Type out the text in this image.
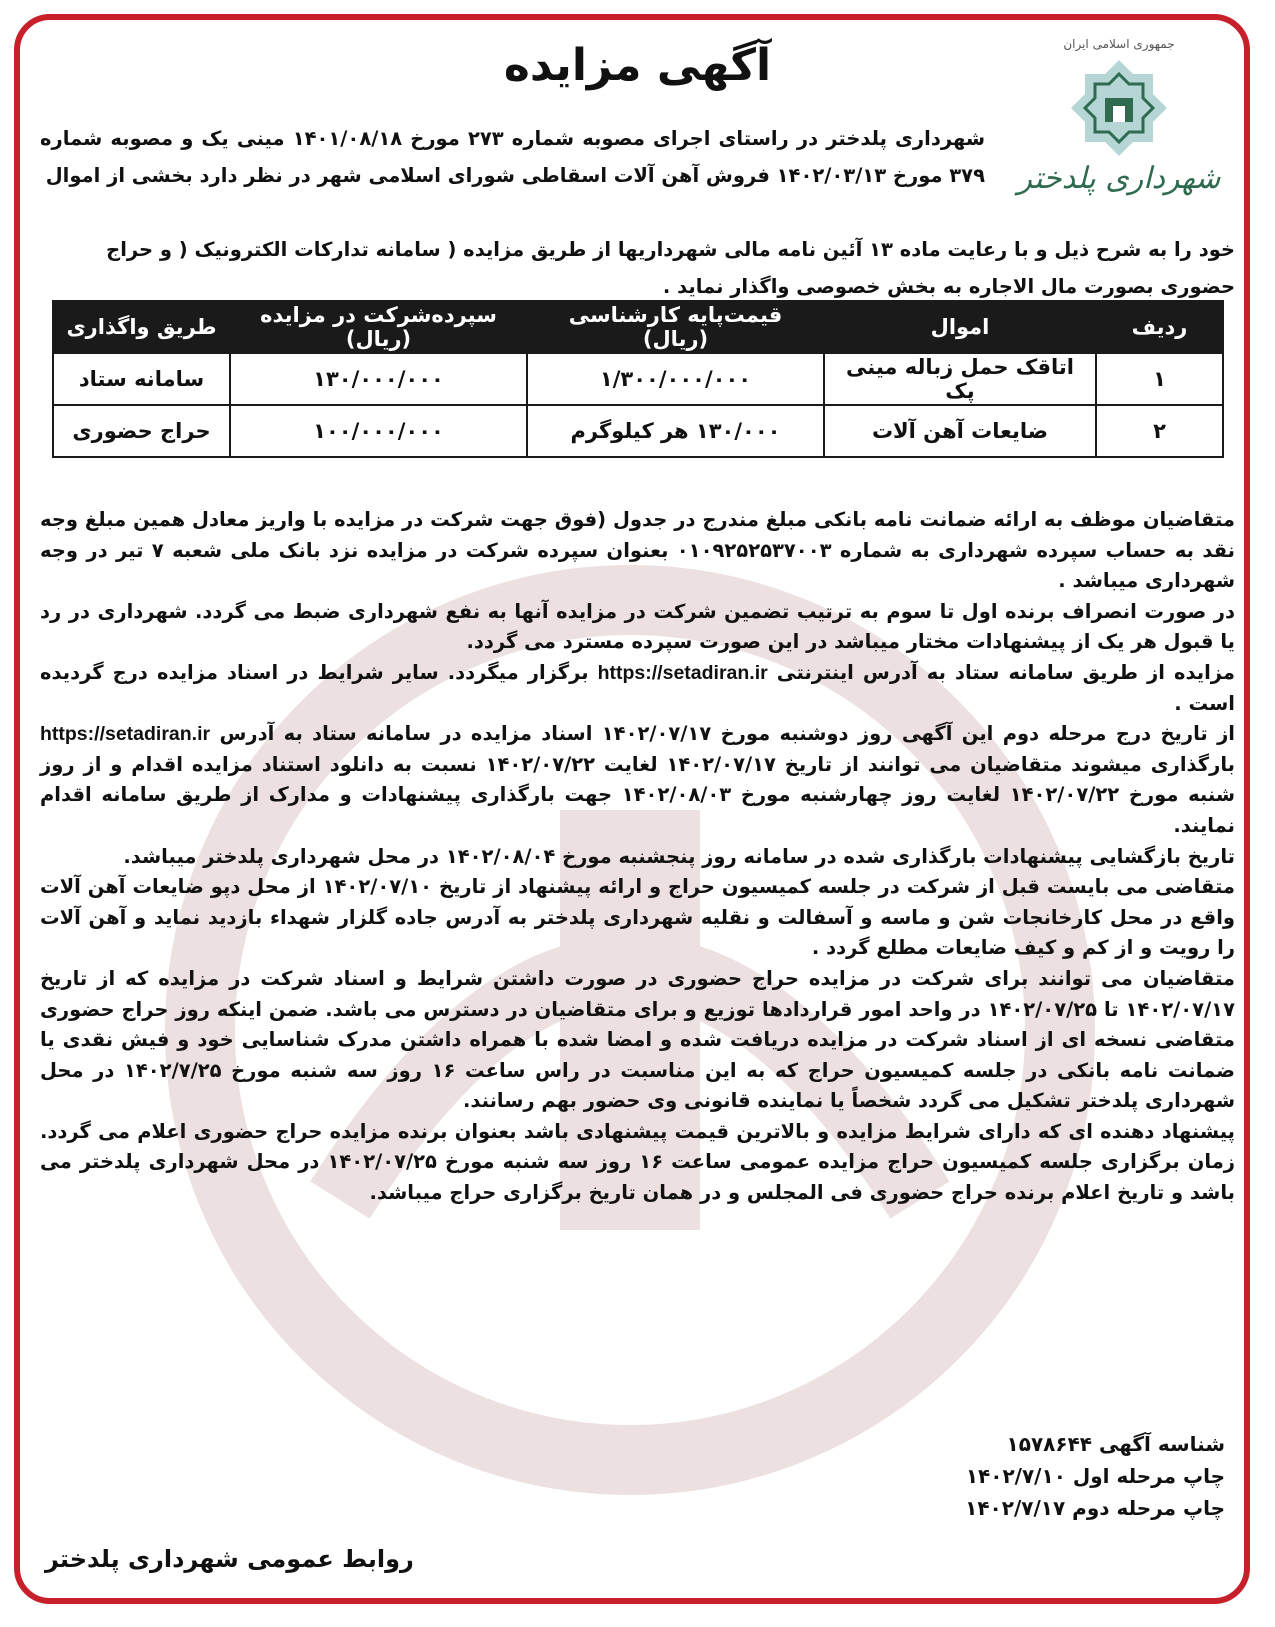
جمهوری اسلامی ایران
شهرداری پلدختر
آگهی مزایده

شهرداری پلدختر در راستای اجرای مصوبه شماره ۲۷۳ مورخ ۱۴۰۱/۰۸/۱۸ مینی یک و مصوبه شماره ۳۷۹ مورخ ۱۴۰۲/۰۳/۱۳ فروش آهن آلات اسقاطی شورای اسلامی شهر در نظر دارد بخشی از اموال

خود را به شرح ذیل و با رعایت ماده ۱۳ آئین نامه مالی شهرداریها از طریق مزایده ( سامانه تدارکات الکترونیک ( و حراج حضوری بصورت مال الاجاره به بخش خصوصی واگذار نماید .

ردیف	اموال	قیمت‌پایه کارشناسی (ریال)	سپرده‌شرکت در مزایده (ریال)	طریق واگذاری
۱	اتاقک حمل زباله مینی پک	۱/۳۰۰/۰۰۰/۰۰۰	۱۳۰/۰۰۰/۰۰۰	سامانه ستاد
۲	ضایعات آهن آلات	۱۳۰/۰۰۰ هر کیلوگرم	۱۰۰/۰۰۰/۰۰۰	حراج حضوری

متقاضیان موظف به ارائه ضمانت نامه بانکی مبلغ مندرج در جدول (فوق جهت شرکت در مزایده با واریز معادل همین مبلغ وجه نقد به حساب سپرده شهرداری به شماره ۰۱۰۹۲۵۲۵۳۷۰۰۳ بعنوان سپرده شرکت در مزایده نزد بانک ملی شعبه ۷ تیر در وجه شهرداری میباشد .

در صورت انصراف برنده اول تا سوم به ترتیب تضمین شرکت در مزایده آنها به نفع شهرداری ضبط می گردد. شهرداری در رد یا قبول هر یک از پیشنهادات مختار میباشد در این صورت سپرده مسترد می گردد.

مزایده از طریق سامانه ستاد به آدرس اینترنتی https://setadiran.ir برگزار میگردد. سایر شرایط در اسناد مزایده درج گردیده است .

از تاریخ درج مرحله دوم این آگهی روز دوشنبه مورخ ۱۴۰۲/۰۷/۱۷ اسناد مزایده در سامانه ستاد به آدرس https://setadiran.ir بارگذاری میشوند متقاضیان می توانند از تاریخ ۱۴۰۲/۰۷/۱۷ لغایت ۱۴۰۲/۰۷/۲۲ نسبت به دانلود استناد مزایده اقدام و از روز شنبه مورخ ۱۴۰۲/۰۷/۲۲ لغایت روز چهارشنبه مورخ ۱۴۰۲/۰۸/۰۳ جهت بارگذاری پیشنهادات و مدارک از طریق سامانه اقدام نمایند.

تاریخ بازگشایی پیشنهادات بارگذاری شده در سامانه روز پنجشنبه مورخ ۱۴۰۲/۰۸/۰۴ در محل شهرداری پلدختر میباشد.

متقاضی می بایست قبل از شرکت در جلسه کمیسیون حراج و ارائه پیشنهاد از تاریخ ۱۴۰۲/۰۷/۱۰ از محل دپو ضایعات آهن آلات واقع در محل کارخانجات شن و ماسه و آسفالت و نقلیه شهرداری پلدختر به آدرس جاده گلزار شهداء بازدید نماید و آهن آلات را رویت و از کم و کیف ضایعات مطلع گردد .

متقاضیان می توانند برای شرکت در مزایده حراج حضوری در صورت داشتن شرایط و اسناد شرکت در مزایده که از تاریخ ۱۴۰۲/۰۷/۱۷ تا ۱۴۰۲/۰۷/۲۵ در واحد امور قراردادها توزیع و برای متقاضیان در دسترس می باشد. ضمن اینکه روز حراج حضوری متقاضی نسخه ای از اسناد شرکت در مزایده دریافت شده و امضا شده با همراه داشتن مدرک شناسایی خود و فیش نقدی یا ضمانت نامه بانکی در جلسه کمیسیون حراج که به این مناسبت در راس ساعت ۱۶ روز سه شنبه مورخ ۱۴۰۲/۷/۲۵ در محل شهرداری پلدختر تشکیل می گردد شخصاً یا نماینده قانونی وی حضور بهم رسانند.

پیشنهاد دهنده ای که دارای شرایط مزایده و بالاترین قیمت پیشنهادی باشد بعنوان برنده مزایده حراج حضوری اعلام می گردد. زمان برگزاری جلسه کمیسیون حراج مزایده عمومی ساعت ۱۶ روز سه شنبه مورخ ۱۴۰۲/۰۷/۲۵ در محل شهرداری پلدختر می باشد و تاریخ اعلام برنده حراج حضوری فی المجلس و در همان تاریخ برگزاری حراج میباشد.

شناسه آگهی ۱۵۷۸۶۴۴
چاپ مرحله اول ۱۴۰۲/۷/۱۰
چاپ مرحله دوم ۱۴۰۲/۷/۱۷
روابط عمومی شهرداری پلدختر
